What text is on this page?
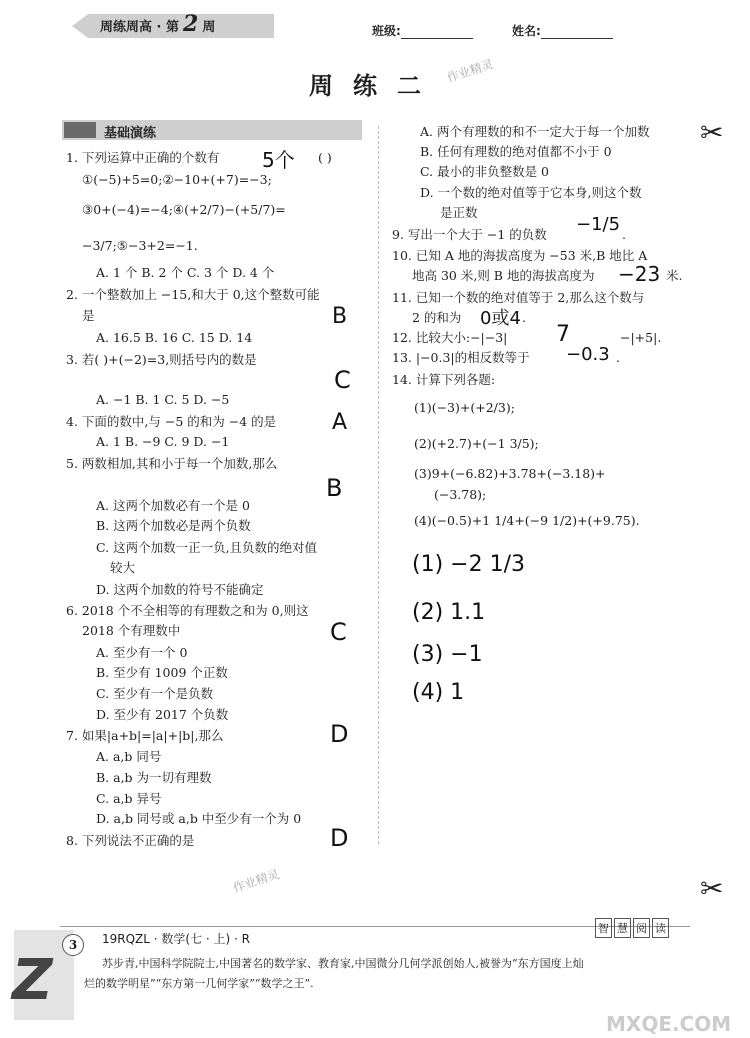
周练周高 · 第 2 周	班级:	姓名:
周练二
作业精灵
基础演练
1. 下列运算中正确的个数有 5个 ( )
①(−5)+5=0;②−10+(+7)=−3;
③0+(−4)=−4;④(+2/7)−(+5/7)=
−3/7;⑤−3+2=−1.
A. 1 个 B. 2 个 C. 3 个 D. 4 个
2. 一个整数加上 −15,和大于 0,这个整数可能
是
A. 16.5 B. 16 C. 15 D. 14
B
3. 若( )+(−2)=3,则括号内的数是
C
A. −1 B. 1 C. 5 D. −5
4. 下面的数中,与 −5 的和为 −4 的是	A
A. 1 B. −9 C. 9 D. −1
5. 两数相加,其和小于每一个加数,那么
B
A. 这两个加数必有一个是 0
B. 这两个加数必是两个负数
C. 这两个加数一正一负,且负数的绝对值
较大
D. 这两个加数的符号不能确定
6. 2018 个不全相等的有理数之和为 0,则这
2018 个有理数中	C
A. 至少有一个 0
B. 至少有 1009 个正数
C. 至少有一个是负数
D. 至少有 2017 个负数
7. 如果|a+b|=|a|+|b|,那么	D
A. a,b 同号
B. a,b 为一切有理数
C. a,b 异号
D. a,b 同号或 a,b 中至少有一个为 0
8. 下列说法不正确的是	D
作业精灵
A. 两个有理数的和不一定大于每一个加数
B. 任何有理数的绝对值都不小于 0
C. 最小的非负整数是 0
D. 一个数的绝对值等于它本身,则这个数
是正数
9. 写出一个大于 −1 的负数 −1/5 .
10. 已知 A 地的海拔高度为 −53 米,B 地比 A
地高 30 米,则 B 地的海拔高度为 −23 米.
11. 已知一个数的绝对值等于 2,那么这个数与
2 的和为 0或4 .
12. 比较大小:−|−3| 7	−|+5|.
13. |−0.3|的相反数等于 −0.3 .
14. 计算下列各题:
(1)(−3)+(+2/3);
(2)(+2.7)+(−1 3/5);
(3)9+(−6.82)+3.78+(−3.18)+
(−3.78);
(4)(−0.5)+1 1/4+(−9 1/2)+(+9.75).
(1) −2 1/3
(2) 1.1
(3) −1
(4) 1
✂
✂
Z
3	19RQZL · 数学(七 · 上) · R
智 慧 阅 读
苏步青,中国科学院院士,中国著名的数学家、教育家,中国微分几何学派创始人,被誉为“东方国度上灿
烂的数学明星”“东方第一几何学家”“数学之王”.
MXQE.COM
